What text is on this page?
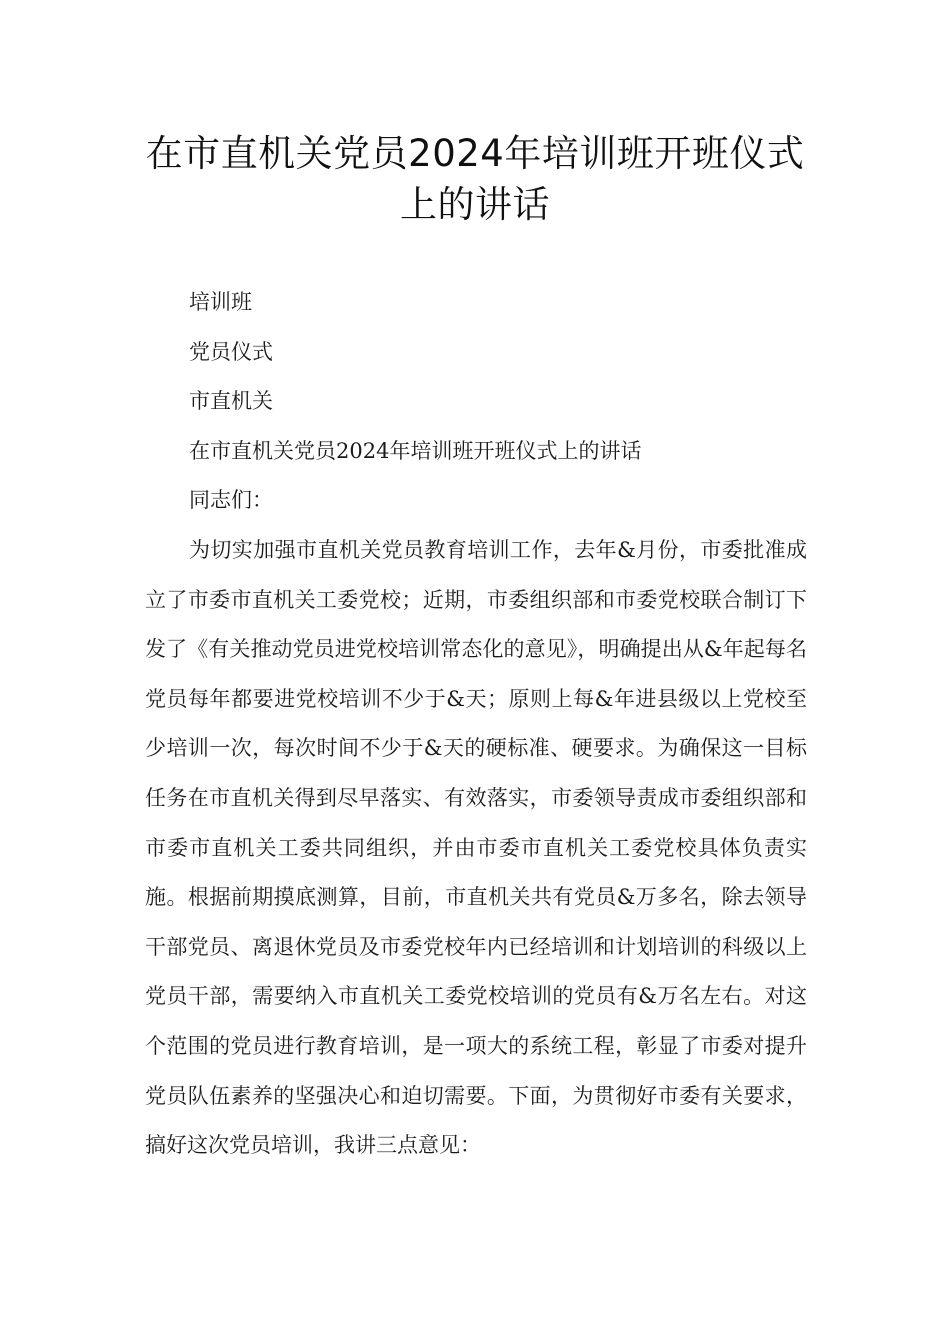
在市直机关党员2024年培训班开班仪式上的讲话

培训班

党员仪式

市直机关

在市直机关党员2024年培训班开班仪式上的讲话

同志们：

为切实加强市直机关党员教育培训工作，去年&月份，市委批准成立了市委市直机关工委党校；近期，市委组织部和市委党校联合制订下发了《有关推动党员进党校培训常态化的意见》，明确提出从&年起每名党员每年都要进党校培训不少于&天；原则上每&年进县级以上党校至少培训一次，每次时间不少于&天的硬标准、硬要求。为确保这一目标任务在市直机关得到尽早落实、有效落实，市委领导责成市委组织部和市委市直机关工委共同组织，并由市委市直机关工委党校具体负责实施。根据前期摸底测算，目前，市直机关共有党员&万多名，除去领导干部党员、离退休党员及市委党校年内已经培训和计划培训的科级以上党员干部，需要纳入市直机关工委党校培训的党员有&万名左右。对这个范围的党员进行教育培训，是一项大的系统工程，彰显了市委对提升党员队伍素养的坚强决心和迫切需要。下面，为贯彻好市委有关要求，搞好这次党员培训，我讲三点意见：
